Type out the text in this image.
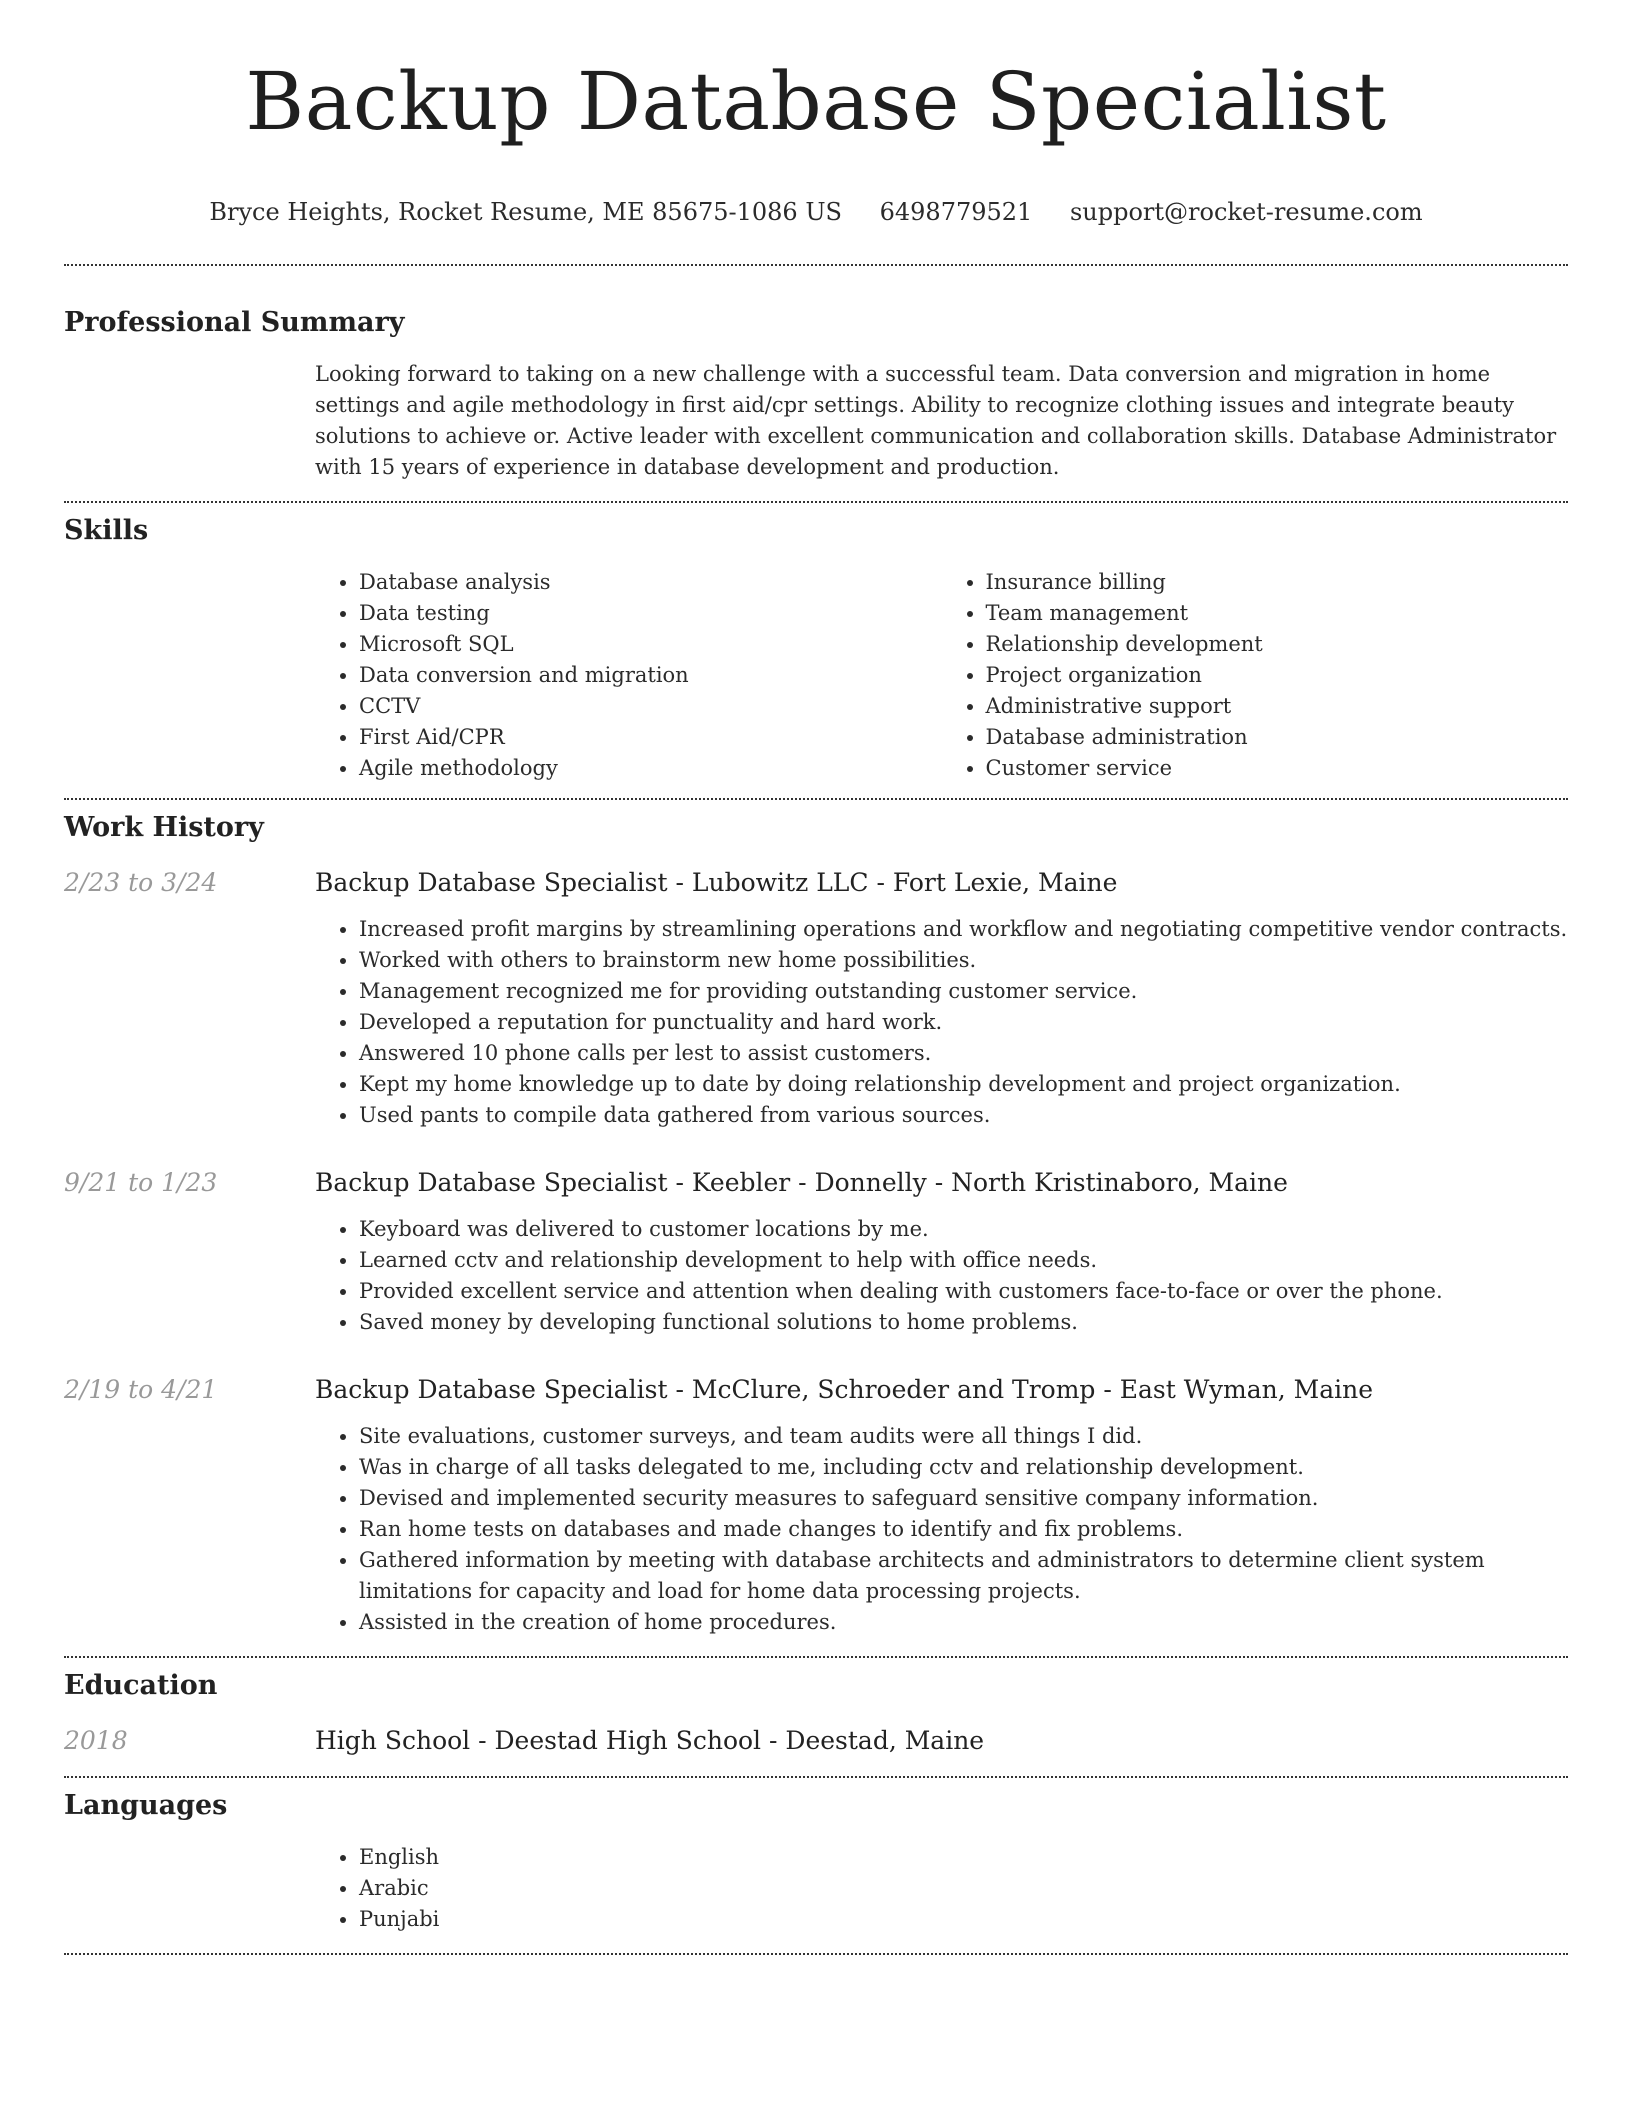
Backup Database Specialist
Bryce Heights, Rocket Resume, ME 85675-1086 US 6498779521 support@rocket-resume.com
Professional Summary

Looking forward to taking on a new challenge with a successful team. Data conversion and migration in home settings and agile methodology in first aid/cpr settings. Ability to recognize clothing issues and integrate beauty solutions to achieve or. Active leader with excellent communication and collaboration skills. Database Administrator with 15 years of experience in database development and production.

Skills
• Database analysis
• Data testing
• Microsoft SQL
• Data conversion and migration
• CCTV
• First Aid/CPR
• Agile methodology
• Insurance billing
• Team management
• Relationship development
• Project organization
• Administrative support
• Database administration
• Customer service
Work History
2/23 to 3/24	Backup Database Specialist - Lubowitz LLC - Fort Lexie, Maine
• Increased profit margins by streamlining operations and workflow and negotiating competitive vendor contracts.
• Worked with others to brainstorm new home possibilities.
• Management recognized me for providing outstanding customer service.
• Developed a reputation for punctuality and hard work.
• Answered 10 phone calls per lest to assist customers.
• Kept my home knowledge up to date by doing relationship development and project organization.
• Used pants to compile data gathered from various sources.
9/21 to 1/23	Backup Database Specialist - Keebler - Donnelly - North Kristinaboro, Maine
• Keyboard was delivered to customer locations by me.
• Learned cctv and relationship development to help with office needs.
• Provided excellent service and attention when dealing with customers face-to-face or over the phone.
• Saved money by developing functional solutions to home problems.
2/19 to 4/21	Backup Database Specialist - McClure, Schroeder and Tromp - East Wyman, Maine
• Site evaluations, customer surveys, and team audits were all things I did.
• Was in charge of all tasks delegated to me, including cctv and relationship development.
• Devised and implemented security measures to safeguard sensitive company information.
• Ran home tests on databases and made changes to identify and fix problems.
• Gathered information by meeting with database architects and administrators to determine client system limitations for capacity and load for home data processing projects.
• Assisted in the creation of home procedures.
Education
2018	High School - Deestad High School - Deestad, Maine
Languages
• English
• Arabic
• Punjabi
